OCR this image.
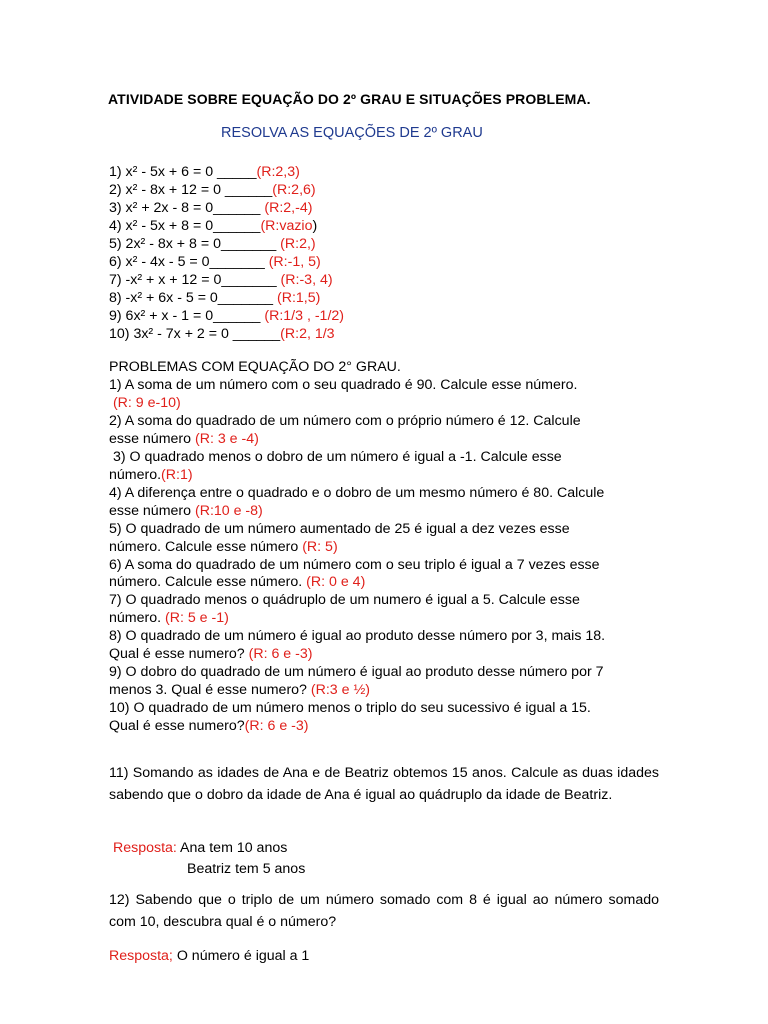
ATIVIDADE SOBRE EQUAÇÃO DO 2º GRAU E SITUAÇÕES PROBLEMA.
RESOLVA AS EQUAÇÕES DE 2º GRAU
1) x² - 5x + 6 = 0 _____(R:2,3)
2) x² - 8x + 12 = 0 ______(R:2,6)
3) x² + 2x - 8 = 0______ (R:2,-4)
4) x² - 5x + 8 = 0______(R:vazio)
5) 2x² - 8x + 8 = 0_______ (R:2,)
6) x² - 4x - 5 = 0_______ (R:-1, 5)
7) -x² + x + 12 = 0_______ (R:-3, 4)
8) -x² + 6x - 5 = 0_______ (R:1,5)
9) 6x² + x - 1 = 0______ (R:1/3 , -1/2)
10) 3x² - 7x + 2 = 0 ______(R:2, 1/3
PROBLEMAS COM EQUAÇÃO DO 2° GRAU.
1) A soma de um número com o seu quadrado é 90. Calcule esse número.
(R: 9 e-10)
2) A soma do quadrado de um número com o próprio número é 12. Calcule
esse número (R: 3 e -4)
3) O quadrado menos o dobro de um número é igual a -1. Calcule esse
número.(R:1)
4) A diferença entre o quadrado e o dobro de um mesmo número é 80. Calcule
esse número (R:10 e -8)
5) O quadrado de um número aumentado de 25 é igual a dez vezes esse
número. Calcule esse número (R: 5)
6) A soma do quadrado de um número com o seu triplo é igual a 7 vezes esse
número. Calcule esse número. (R: 0 e 4)
7) O quadrado menos o quádruplo de um numero é igual a 5. Calcule esse
número. (R: 5 e -1)
8) O quadrado de um número é igual ao produto desse número por 3, mais 18.
Qual é esse numero? (R: 6 e -3)
9) O dobro do quadrado de um número é igual ao produto desse número por 7
menos 3. Qual é esse numero? (R:3 e ½)
10) O quadrado de um número menos o triplo do seu sucessivo é igual a 15.
Qual é esse numero?(R: 6 e -3)
11) Somando as idades de Ana e de Beatriz obtemos 15 anos. Calcule as duas idades sabendo que o dobro da idade de Ana é igual ao quádruplo da idade de Beatriz.
Resposta: Ana tem 10 anos
Beatriz tem 5 anos
12) Sabendo que o triplo de um número somado com 8 é igual ao número somado com 10, descubra qual é o número?
Resposta; O número é igual a 1
